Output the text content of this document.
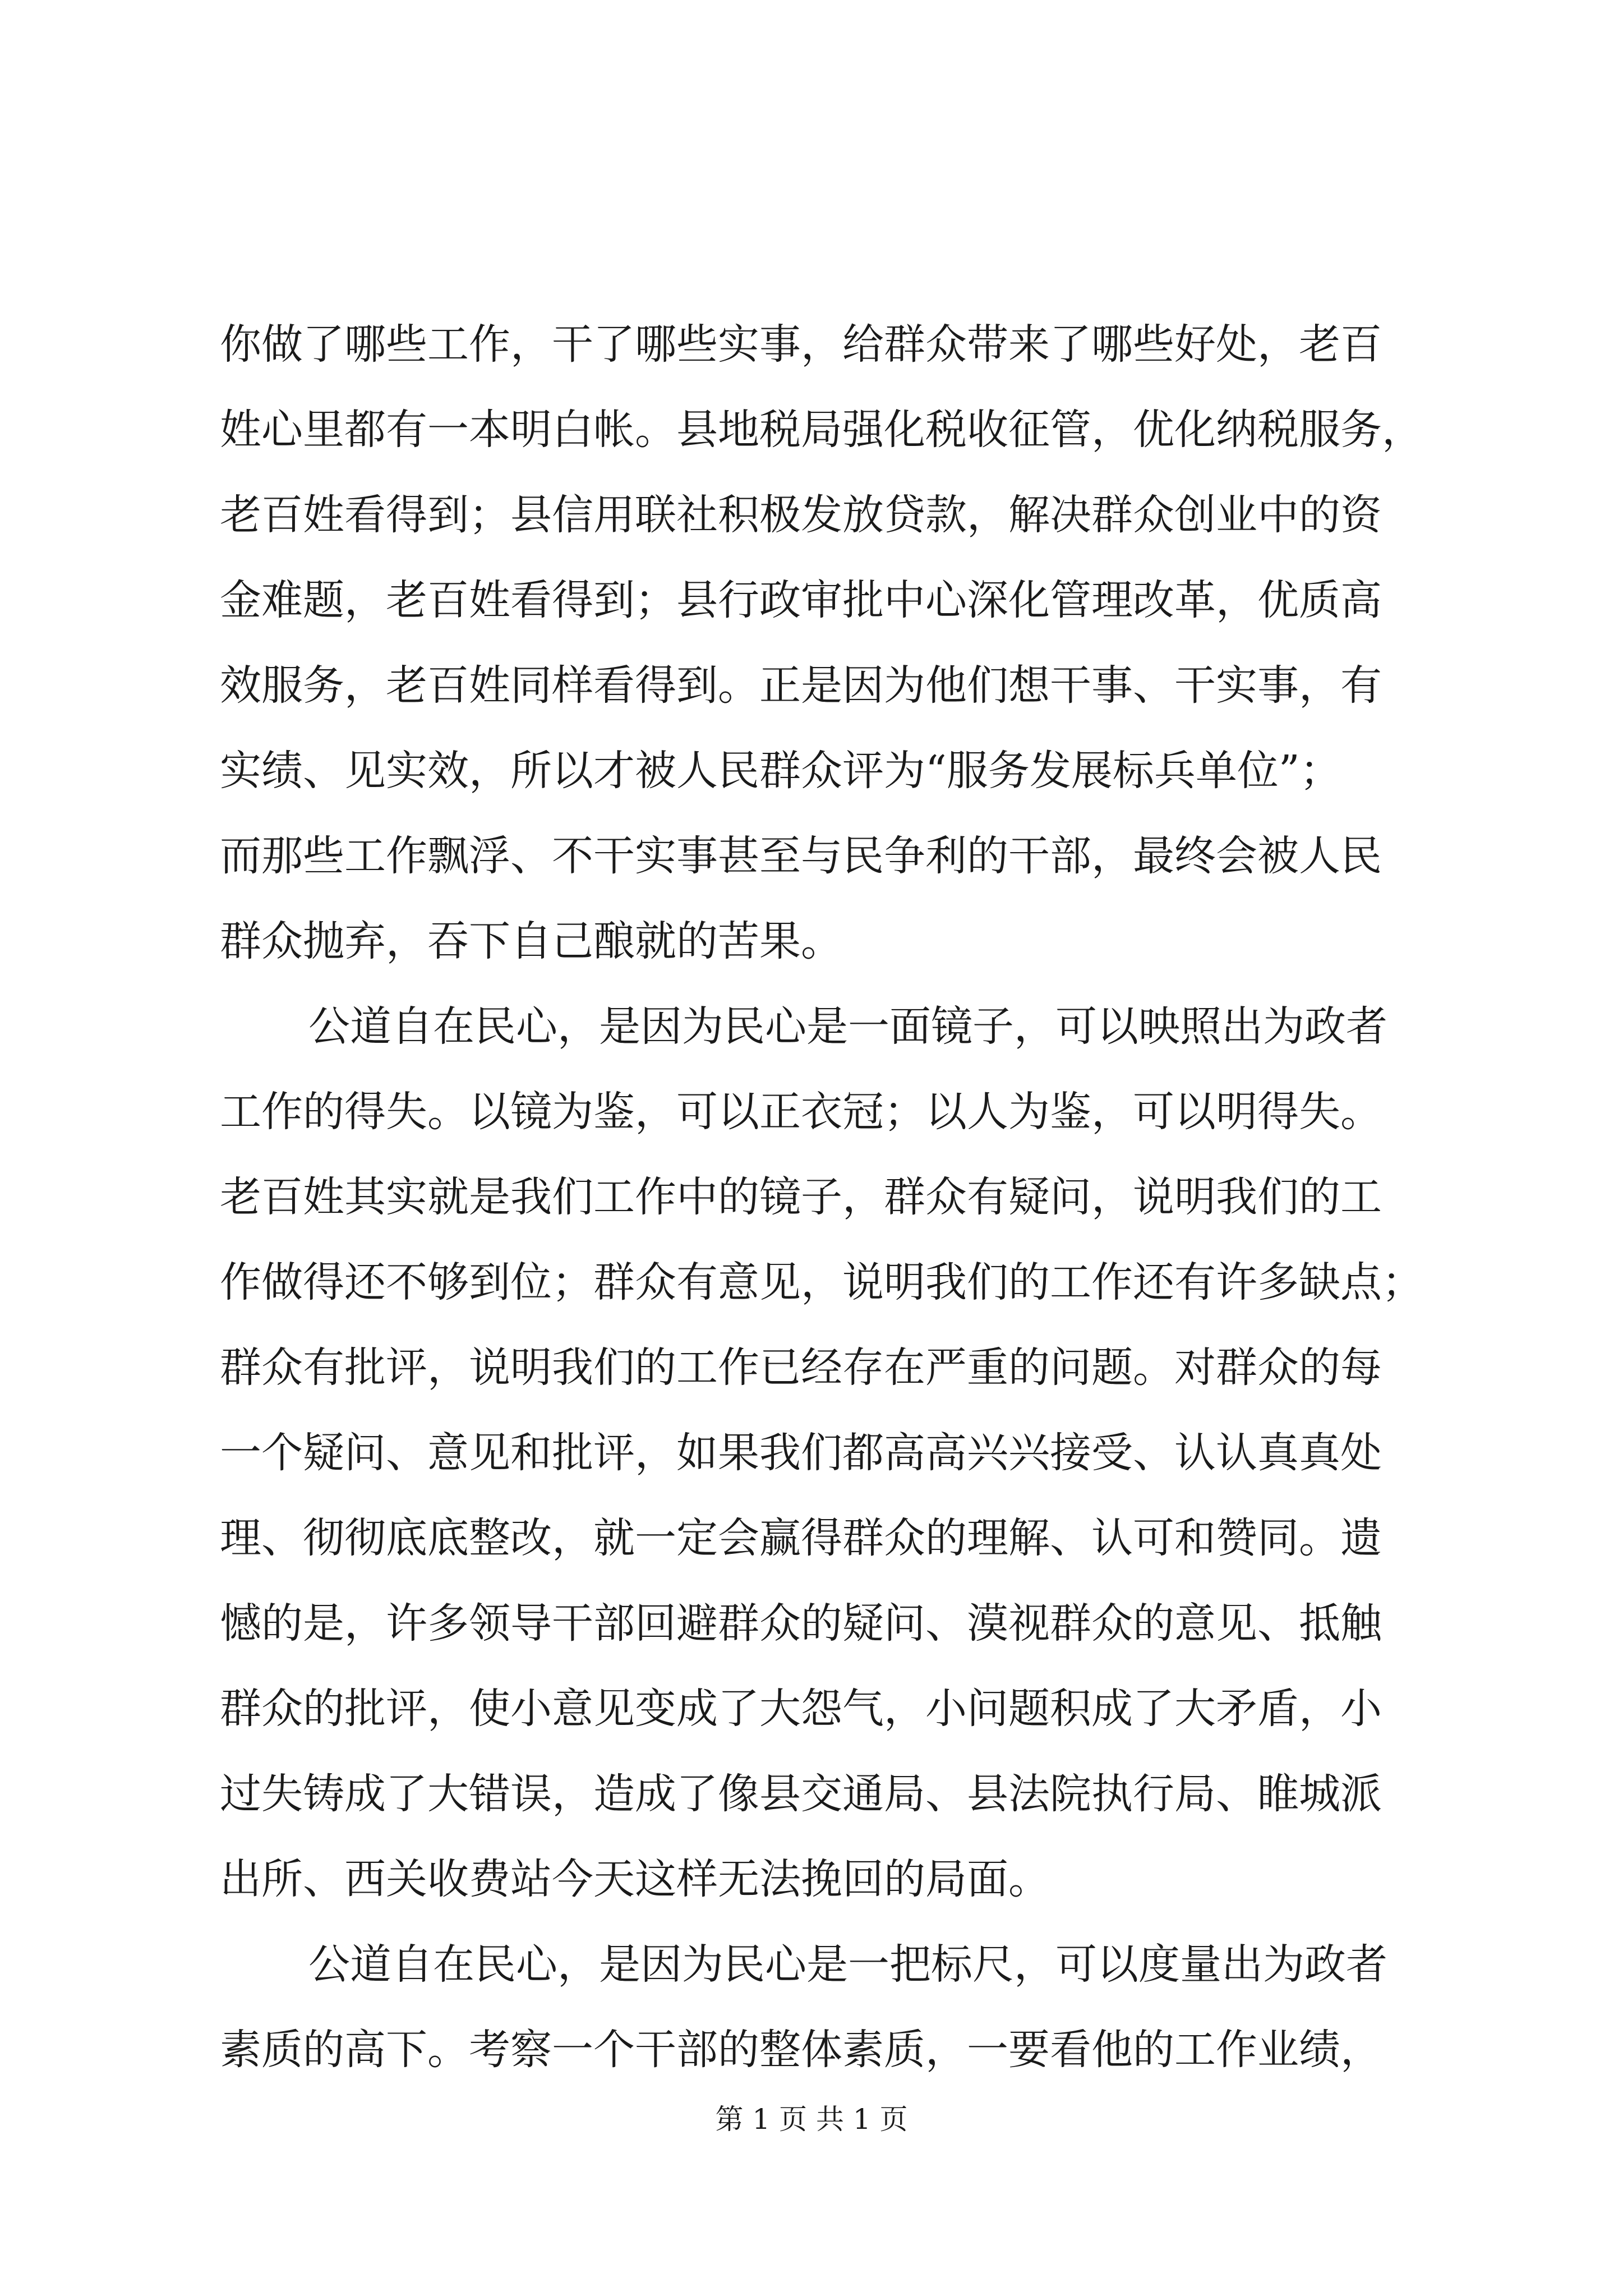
你做了哪些工作，干了哪些实事，给群众带来了哪些好处，老百
姓心里都有一本明白帐。县地税局强化税收征管，优化纳税服务，
老百姓看得到；县信用联社积极发放贷款，解决群众创业中的资
金难题，老百姓看得到；县行政审批中心深化管理改革，优质高
效服务，老百姓同样看得到。正是因为他们想干事、干实事，有
实绩、见实效，所以才被人民群众评为“服务发展标兵单位”；
而那些工作飘浮、不干实事甚至与民争利的干部，最终会被人民
群众抛弃，吞下自己酿就的苦果。
公道自在民心，是因为民心是一面镜子，可以映照出为政者
工作的得失。以镜为鉴，可以正衣冠；以人为鉴，可以明得失。
老百姓其实就是我们工作中的镜子，群众有疑问，说明我们的工
作做得还不够到位；群众有意见，说明我们的工作还有许多缺点；
群众有批评，说明我们的工作已经存在严重的问题。对群众的每
一个疑问、意见和批评，如果我们都高高兴兴接受、认认真真处
理、彻彻底底整改，就一定会赢得群众的理解、认可和赞同。遗
憾的是，许多领导干部回避群众的疑问、漠视群众的意见、抵触
群众的批评，使小意见变成了大怨气，小问题积成了大矛盾，小
过失铸成了大错误，造成了像县交通局、县法院执行局、睢城派
出所、西关收费站今天这样无法挽回的局面。
公道自在民心，是因为民心是一把标尺，可以度量出为政者
素质的高下。考察一个干部的整体素质，一要看他的工作业绩，
第 1 页 共 1 页
